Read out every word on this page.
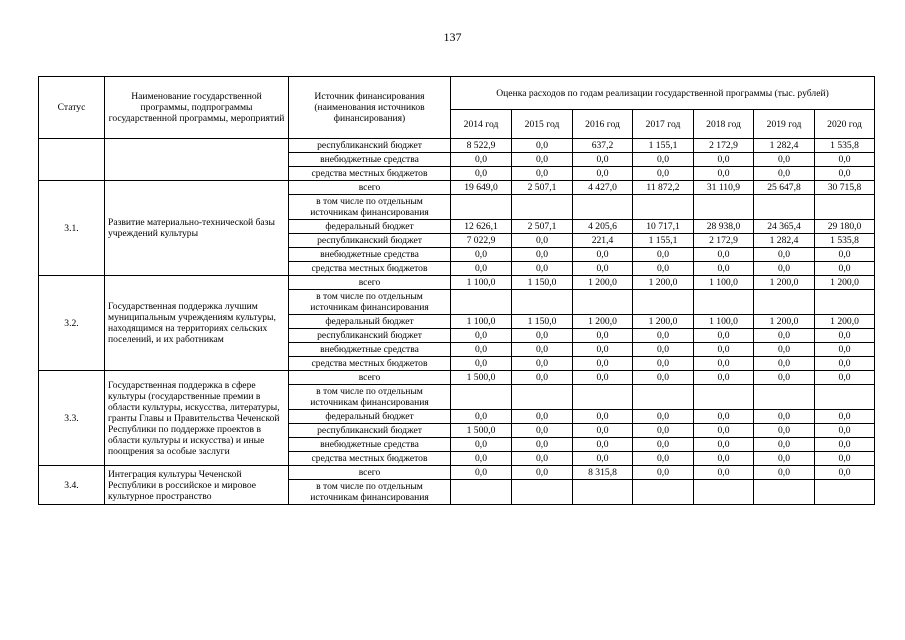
137
Статус	Наименование государственной программы, подпрограммы государственной программы, мероприятий	Источник финансирования (наименования источников финансирования)	Оценка расходов по годам реализации государственной программы (тыс. рублей)						
			2014 год	2015 год	2016 год	2017 год	2018 год	2019 год	2020 год
		республиканский бюджет	8 522,9	0,0	637,2	1 155,1	2 172,9	1 282,4	1 535,8
		внебюджетные средства	0,0	0,0	0,0	0,0	0,0	0,0	0,0
		средства местных бюджетов	0,0	0,0	0,0	0,0	0,0	0,0	0,0
3.1.	Развитие материально-технической базы учреждений культуры	всего	19 649,0	2 507,1	4 427,0	11 872,2	31 110,9	25 647,8	30 715,8
		в том числе по отдельным источникам финансирования							
		федеральный бюджет	12 626,1	2 507,1	4 205,6	10 717,1	28 938,0	24 365,4	29 180,0
		республиканский бюджет	7 022,9	0,0	221,4	1 155,1	2 172,9	1 282,4	1 535,8
		внебюджетные средства	0,0	0,0	0,0	0,0	0,0	0,0	0,0
		средства местных бюджетов	0,0	0,0	0,0	0,0	0,0	0,0	0,0
3.2.	Государственная поддержка лучшим муниципальным учреждениям культуры, находящимся на территориях сельских поселений, и их работникам	всего	1 100,0	1 150,0	1 200,0	1 200,0	1 100,0	1 200,0	1 200,0
		в том числе по отдельным источникам финансирования							
		федеральный бюджет	1 100,0	1 150,0	1 200,0	1 200,0	1 100,0	1 200,0	1 200,0
		республиканский бюджет	0,0	0,0	0,0	0,0	0,0	0,0	0,0
		внебюджетные средства	0,0	0,0	0,0	0,0	0,0	0,0	0,0
		средства местных бюджетов	0,0	0,0	0,0	0,0	0,0	0,0	0,0
3.3.	Государственная поддержка в сфере культуры (государственные премии в области культуры, искусства, литературы, гранты Главы и Правительства Чеченской Республики по поддержке проектов в области культуры и искусства) и иные поощрения за особые заслуги	всего	1 500,0	0,0	0,0	0,0	0,0	0,0	0,0
		в том числе по отдельным источникам финансирования							
		федеральный бюджет	0,0	0,0	0,0	0,0	0,0	0,0	0,0
		республиканский бюджет	1 500,0	0,0	0,0	0,0	0,0	0,0	0,0
		внебюджетные средства	0,0	0,0	0,0	0,0	0,0	0,0	0,0
		средства местных бюджетов	0,0	0,0	0,0	0,0	0,0	0,0	0,0
3.4.	Интеграция культуры Чеченской Республики в российское и мировое культурное пространство	всего	0,0	0,0	8 315,8	0,0	0,0	0,0	0,0
		в том числе по отдельным источникам финансирования							
